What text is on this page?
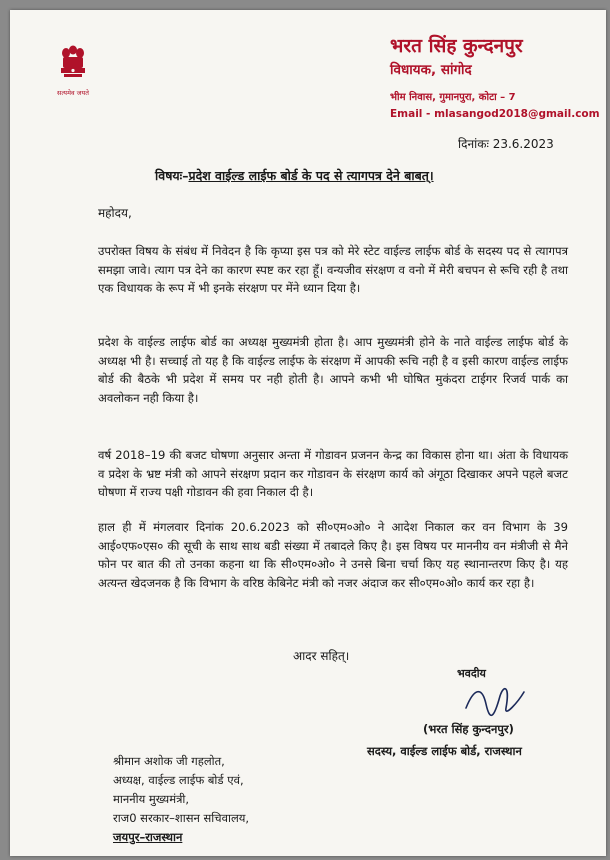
सत्यमेव जयते
भरत सिंह कुन्दनपुर
विधायक, सांगोद
भीम निवास, गुमानपुरा, कोटा – 7
Email - mlasangod2018@gmail.com
दिनांकः 23.6.2023
विषयः–प्रदेश वाईल्ड लाईफ बोर्ड के पद से त्यागपत्र देने बाबत्।
महोदय,

उपरोक्त विषय के संबंध में निवेदन है कि कृप्या इस पत्र को मेरे स्टेट वाईल्ड लाईफ बोर्ड के सदस्य पद से त्यागपत्र समझा जावे। त्याग पत्र देने का कारण स्पष्ट कर रहा हूँ। वन्यजीव संरक्षण व वनो में मेरी बचपन से रूचि रही है तथा एक विधायक के रूप में भी इनके संरक्षण पर मेंने ध्यान दिया है।

प्रदेश के वाईल्ड लाईफ बोर्ड का अध्यक्ष मुख्यमंत्री होता है। आप मुख्यमंत्री होने के नाते वाईल्ड लाईफ बोर्ड के अध्यक्ष भी है। सच्चाई तो यह है कि वाईल्ड लाईफ के संरक्षण में आपकी रूचि नही है व इसी कारण वाईल्ड लाईफ बोर्ड की बैठके भी प्रदेश में समय पर नही होती है। आपने कभी भी घोषित मुकंदरा टाईगर रिजर्व पार्क का अवलोकन नही किया है।

वर्ष 2018–19 की बजट घोषणा अनुसार अन्ता में गोडावन प्रजनन केन्द्र का विकास होना था। अंता के विधायक व प्रदेश के भ्रष्ट मंत्री को आपने संरक्षण प्रदान कर गोडावन के संरक्षण कार्य को अंगूठा दिखाकर अपने पहले बजट घोषणा में राज्य पक्षी गोडावन की हवा निकाल दी है।

हाल ही में मंगलवार दिनांक 20.6.2023 को सी०एम०ओ० ने आदेश निकाल कर वन विभाग के 39 आई०एफ०एस० की सूची के साथ साथ बडी संख्या में तबादले किए है। इस विषय पर माननीय वन मंत्रीजी से मैने फोन पर बात की तो उनका कहना था कि सी०एम०ओ० ने उनसे बिना चर्चा किए यह स्थानान्तरण किए है। यह अत्यन्त खेदजनक है कि विभाग के वरिष्ठ केबिनेट मंत्री को नजर अंदाज कर सी०एम०ओ० कार्य कर रहा है।

आदर सहित्।
भवदीय
(भरत सिंह कुन्दनपुर)
सदस्य, वाईल्ड लाईफ बोर्ड, राजस्थान
श्रीमान अशोक जी गहलोत,
अध्यक्ष, वाईल्ड लाईफ बोर्ड एवं,
माननीय मुख्यमंत्री,
राज0 सरकार–शासन सचिवालय,
जयपुर–राजस्थान
